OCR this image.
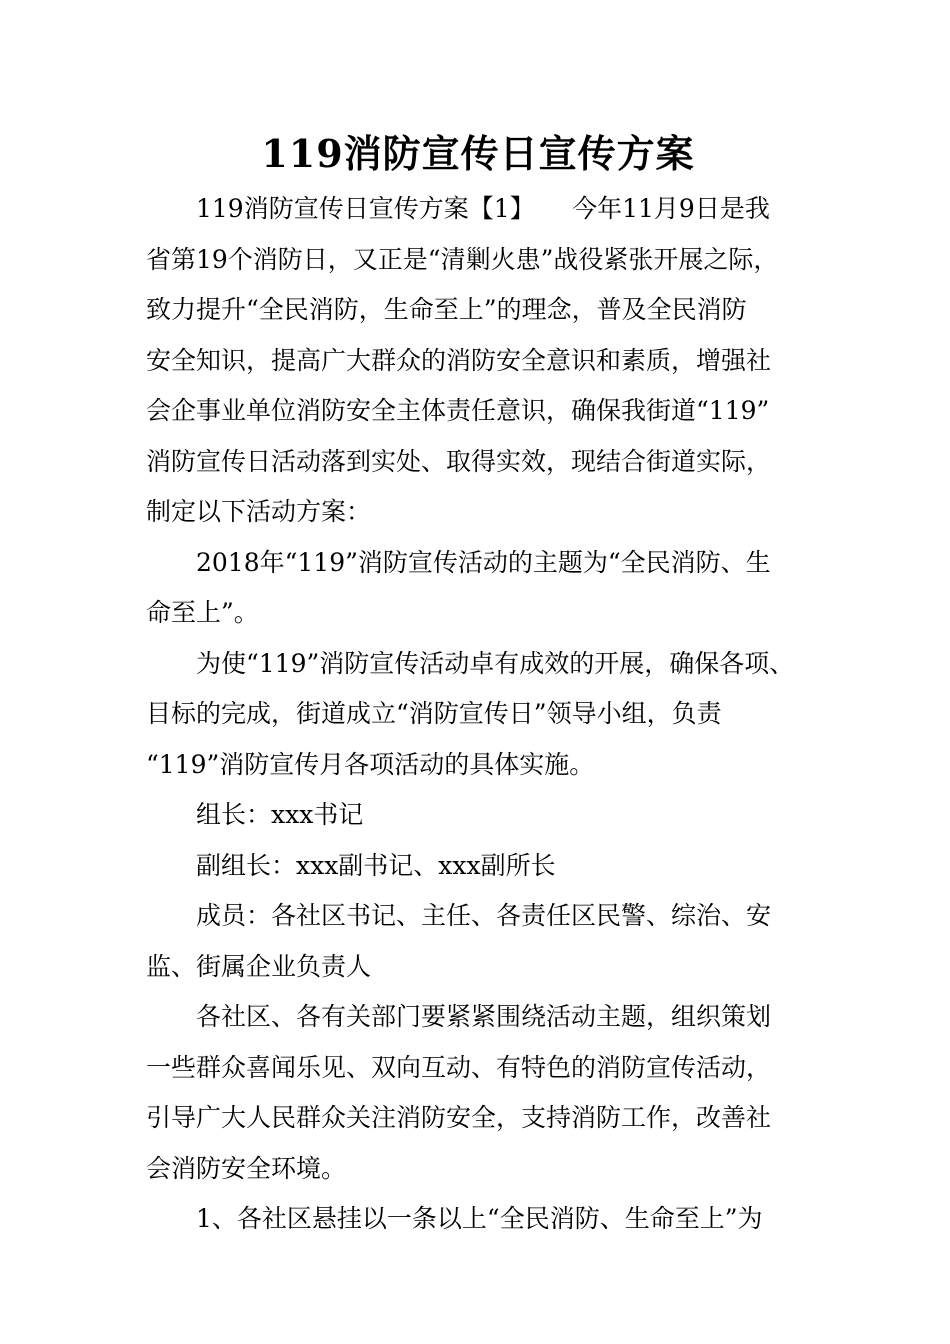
119消防宣传日宣传方案

119消防宣传日宣传方案【1】　　今年11月9日是我
省第19个消防日，又正是“清剿火患”战役紧张开展之际，
致力提升“全民消防，生命至上”的理念，普及全民消防
安全知识，提高广大群众的消防安全意识和素质，增强社
会企事业单位消防安全主体责任意识，确保我街道“119”
消防宣传日活动落到实处、取得实效，现结合街道实际，
制定以下活动方案：

2018年“119”消防宣传活动的主题为“全民消防、生
命至上”。

为使“119”消防宣传活动卓有成效的开展，确保各项、
目标的完成，街道成立“消防宣传日”领导小组，负责
“119”消防宣传月各项活动的具体实施。

组长：xxx书记

副组长：xxx副书记、xxx副所长

成员：各社区书记、主任、各责任区民警、综治、安
监、街属企业负责人

各社区、各有关部门要紧紧围绕活动主题，组织策划
一些群众喜闻乐见、双向互动、有特色的消防宣传活动，
引导广大人民群众关注消防安全，支持消防工作，改善社
会消防安全环境。

1、各社区悬挂以一条以上“全民消防、生命至上”为
